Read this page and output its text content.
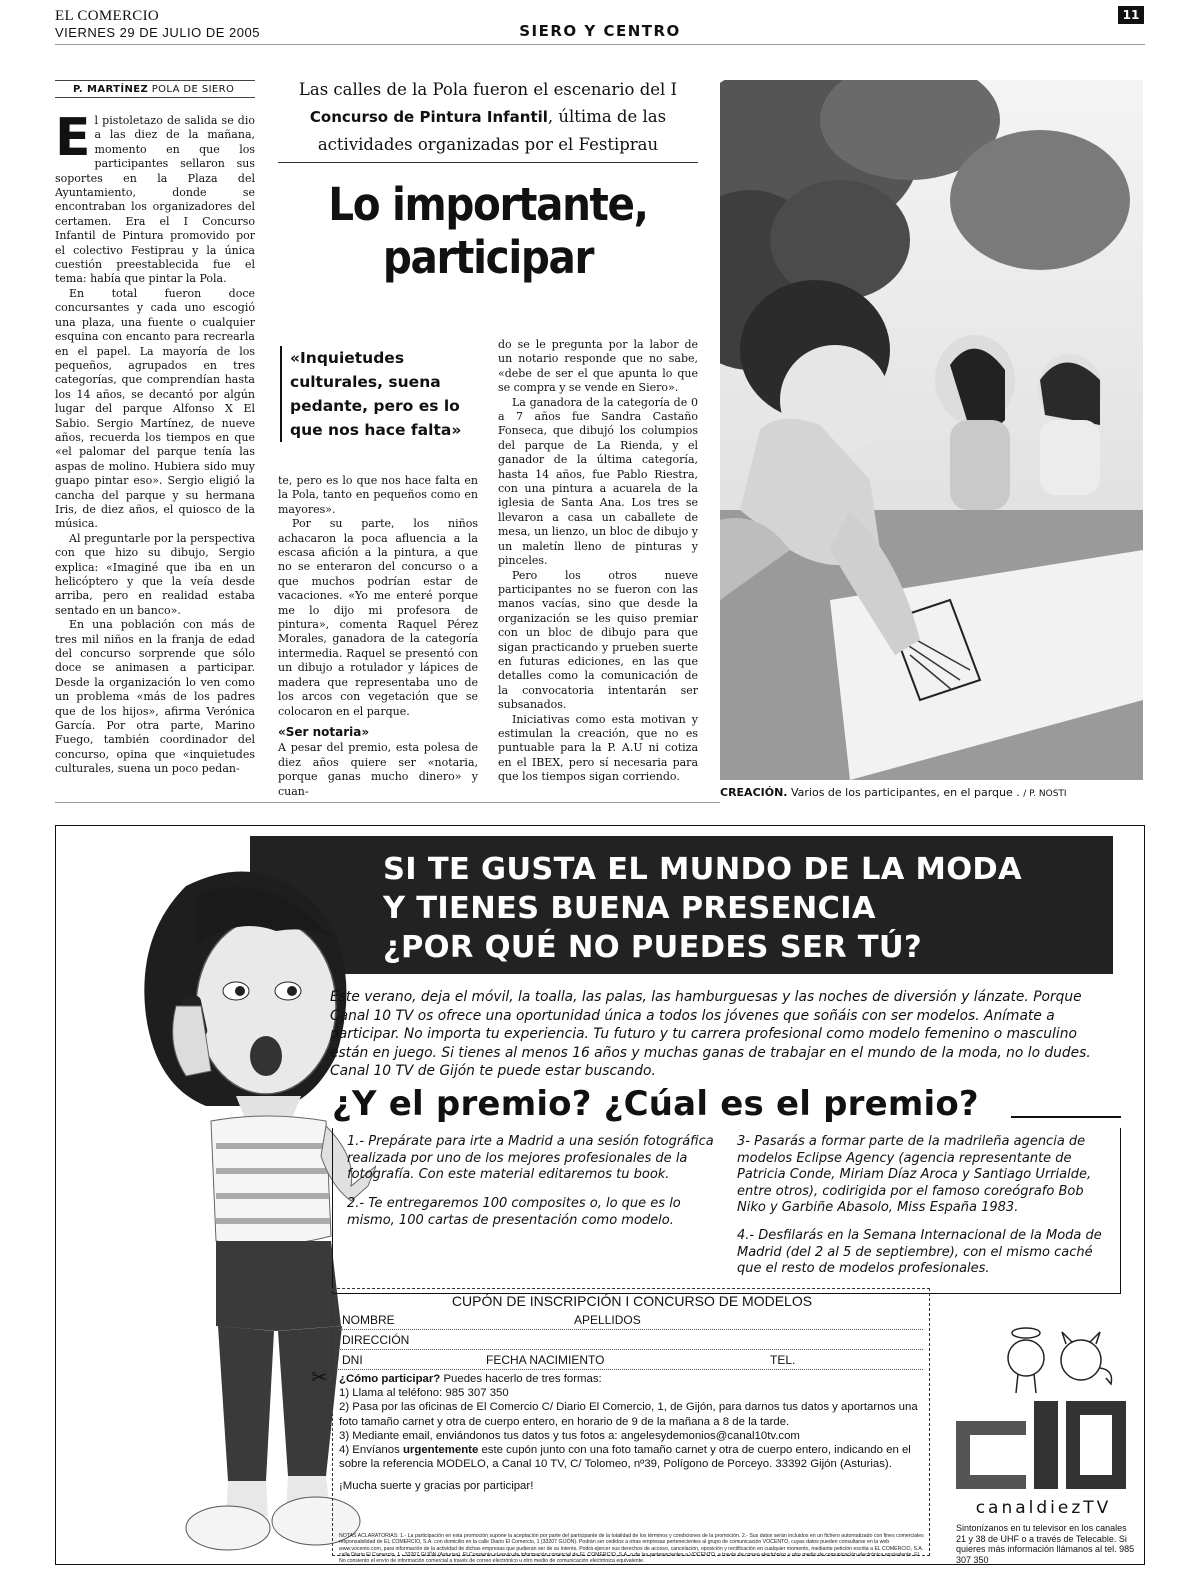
EL COMERCIO
VIERNES 29 DE JULIO DE 2005	SIERO Y CENTRO
11
P. MARTÍNEZ POLA DE SIERO

El pistoletazo de salida se dio a las diez de la mañana, momento en que los participantes sellaron sus soportes en la Plaza del Ayuntamiento, donde se encontraban los organizadores del certamen. Era el I Concurso Infantil de Pintura promovido por el colectivo Festiprau y la única cuestión preestablecida fue el tema: había que pintar la Pola.

En total fueron doce concursantes y cada uno escogió una plaza, una fuente o cualquier esquina con encanto para recrearla en el papel. La mayoría de los pequeños, agrupados en tres categorías, que comprendían hasta los 14 años, se decantó por algún lugar del parque Alfonso X El Sabio. Sergio Martínez, de nueve años, recuerda los tiempos en que «el palomar del parque tenía las aspas de molino. Hubiera sido muy guapo pintar eso». Sergio eligió la cancha del parque y su hermana Iris, de diez años, el quiosco de la música.

Al preguntarle por la perspectiva con que hizo su dibujo, Sergio explica: «Imaginé que iba en un helicóptero y que la veía desde arriba, pero en realidad estaba sentado en un banco».

En una población con más de tres mil niños en la franja de edad del concurso sorprende que sólo doce se animasen a participar. Desde la organización lo ven como un problema «más de los padres que de los hijos», afirma Verónica García. Por otra parte, Marino Fuego, también coordinador del concurso, opina que «inquietudes culturales, suena un poco pedan-

Las calles de la Pola fueron el escenario del I
Concurso de Pintura Infantil, última de las actividades organizadas por el Festiprau
Lo importante, participar
«Inquietudes culturales, suena pedante, pero es lo que nos hace falta»

te, pero es lo que nos hace falta en la Pola, tanto en pequeños como en mayores».

Por su parte, los niños achacaron la poca afluencia a la escasa afición a la pintura, a que no se enteraron del concurso o a que muchos podrían estar de vacaciones. «Yo me enteré porque me lo dijo mi profesora de pintura», comenta Raquel Pérez Morales, ganadora de la categoría intermedia. Raquel se presentó con un dibujo a rotulador y lápices de madera que representaba uno de los arcos con vegetación que se colocaron en el parque.

«Ser notaria»

A pesar del premio, esta polesa de diez años quiere ser «notaria, porque ganas mucho dinero» y cuan-

do se le pregunta por la labor de un notario responde que no sabe, «debe de ser el que apunta lo que se compra y se vende en Siero».

La ganadora de la categoría de 0 a 7 años fue Sandra Castaño Fonseca, que dibujó los columpios del parque de La Rienda, y el ganador de la última categoría, hasta 14 años, fue Pablo Riestra, con una pintura a acuarela de la iglesia de Santa Ana. Los tres se llevaron a casa un caballete de mesa, un lienzo, un bloc de dibujo y un maletín lleno de pinturas y pinceles.

Pero los otros nueve participantes no se fueron con las manos vacías, sino que desde la organización se les quiso premiar con un bloc de dibujo para que sigan practicando y prueben suerte en futuras ediciones, en las que detalles como la comunicación de la convocatoria intentarán ser subsanados.

Iniciativas como esta motivan y estimulan la creación, que no es puntuable para la P. A.U ni cotiza en el IBEX, pero sí necesaria para que los tiempos sigan corriendo.

CREACIÓN. Varios de los participantes, en el parque . / P. NOSTI
SI TE GUSTA EL MUNDO DE LA MODA
Y TIENES BUENA PRESENCIA
¿POR QUÉ NO PUEDES SER TÚ?
Este verano, deja el móvil, la toalla, las palas, las hamburguesas y las noches de diversión y lánzate. Porque Canal 10 TV os ofrece una oportunidad única a todos los jóvenes que soñáis con ser modelos. Anímate a participar. No importa tu experiencia. Tu futuro y tu carrera profesional como modelo femenino o masculino están en juego. Si tienes al menos 16 años y muchas ganas de trabajar en el mundo de la moda, no lo dudes. Canal 10 TV de Gijón te puede estar buscando.
¿Y el premio? ¿Cúal es el premio?
1.- Prepárate para irte a Madrid a una sesión fotográfica realizada por uno de los mejores profesionales de la fotografía. Con este material editaremos tu book.
2.- Te entregaremos 100 composites o, lo que es lo mismo, 100 cartas de presentación como modelo.
3- Pasarás a formar parte de la madrileña agencia de modelos Eclipse Agency (agencia representante de Patricia Conde, Miriam Díaz Aroca y Santiago Urrialde, entre otros), codirigida por el famoso coreógrafo Bob Niko y Garbiñe Abasolo, Miss España 1983.
4.- Desfilarás en la Semana Internacional de la Moda de Madrid (del 2 al 5 de septiembre), con el mismo caché que el resto de modelos profesionales.
CUPÓN DE INSCRIPCIÓN I CONCURSO DE MODELOS
NOMBRE	APELLIDOS
DIRECCIÓN
DNI	FECHA NACIMIENTO	TEL.
✂ ¿Cómo participar? Puedes hacerlo de tres formas:
1) Llama al teléfono: 985 307 350
2) Pasa por las oficinas de El Comercio C/ Diario El Comercio, 1, de Gijón, para darnos tus datos y aportarnos una foto tamaño carnet y otra de cuerpo entero, en horario de 9 de la mañana a 8 de la tarde.
3) Mediante email, enviándonos tus datos y tus fotos a: angelesydemonios@canal10tv.com
4) Envíanos urgentemente este cupón junto con una foto tamaño carnet y otra de cuerpo entero, indicando en el sobre la referencia MODELO, a Canal 10 TV, C/ Tolomeo, nº39, Polígono de Porceyo. 33392 Gijón (Asturias).
¡Mucha suerte y gracias por participar!
NOTAS ACLARATORIAS: 1.- La participación en esta promoción supone la aceptación por parte del participante de la totalidad de los términos y condiciones de la promoción. 2.- Sus datos serán incluidos en un fichero automatizado con fines comerciales responsabilidad de EL COMERCIO, S.A. con domicilio en la calle Diario El Comercio, 1 (33207 GIJÓN). Podrán ser cedidos a otras empresas pertenecientes al grupo de comunicación VOCENTO, cuyas datos pueden consultarse en la web www.vocento.com, para información de la actividad de dichas empresas que pudieran ser de su interés. Podrá ejercer sus derechos de acceso, cancelación, oposición y rectificación en cualquier momento, mediante petición escrita a EL COMERCIO, S.A. calle Diario El Comercio, 1 - 33207 GIJÓN (Asturias). El Consiento el envío de información comercial de EL COMERCIO, S.A. o de las pertenecientes a VOCENTO, a través de correo electrónico u otro medio de comunicación electrónica equivalente. El No consiento el envío de información comercial a través de correo electrónico u otro medio de comunicación electrónica equivalente.
canaldiezTV
Sintonízanos en tu televisor en los canales 21 y 38 de UHF o a través de Telecable. Si quieres más información llámanos al tel. 985 307 350
